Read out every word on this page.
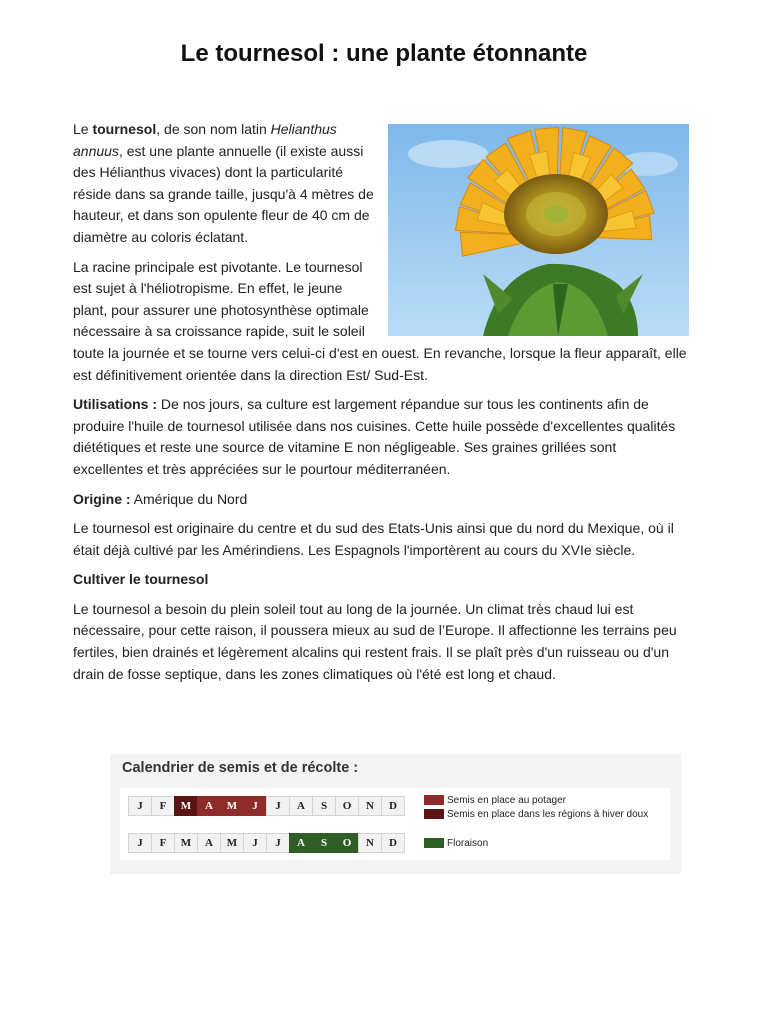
Le tournesol : une plante étonnante

Le tournesol, de son nom latin Helianthus annuus, est une plante annuelle (il existe aussi des Hélianthus vivaces) dont la particularité réside dans sa grande taille, jusqu'à 4 mètres de hauteur, et dans son opulente fleur de 40 cm de diamètre au coloris éclatant.

La racine principale est pivotante. Le tournesol est sujet à l'héliotropisme. En effet, le jeune plant, pour assurer une photosynthèse optimale nécessaire à sa croissance rapide, suit le soleil toute la journée et se tourne vers celui-ci d'est en ouest. En revanche, lorsque la fleur apparaît, elle est définitivement orientée dans la direction Est/ Sud-Est.

Utilisations : De nos jours, sa culture est largement répandue sur tous les continents afin de produire l'huile de tournesol utilisée dans nos cuisines. Cette huile possède d'excellentes qualités diététiques et reste une source de vitamine E non négligeable. Ses graines grillées sont excellentes et très appréciées sur le pourtour méditerranéen.

Origine : Amérique du Nord

Le tournesol est originaire du centre et du sud des Etats-Unis ainsi que du nord du Mexique, où il était déjà cultivé par les Amérindiens. Les Espagnols l'importèrent au cours du XVIe siècle.

Cultiver le tournesol

Le tournesol a besoin du plein soleil tout au long de la journée. Un climat très chaud lui est nécessaire, pour cette raison, il poussera mieux au sud de l’Europe. Il affectionne les terrains peu fertiles, bien drainés et légèrement alcalins qui restent frais. Il se plaît près d'un ruisseau ou d'un drain de fosse septique, dans les zones climatiques où l'été est long et chaud.

Calendrier de semis et de récolte :
J	F	M	A	M	J	J	A	S	O	N	D	Semis en place au potager
Semis en place dans les régions à hiver doux
J	F	M	A	M	J	J	A	S	O	N	D	Floraison
